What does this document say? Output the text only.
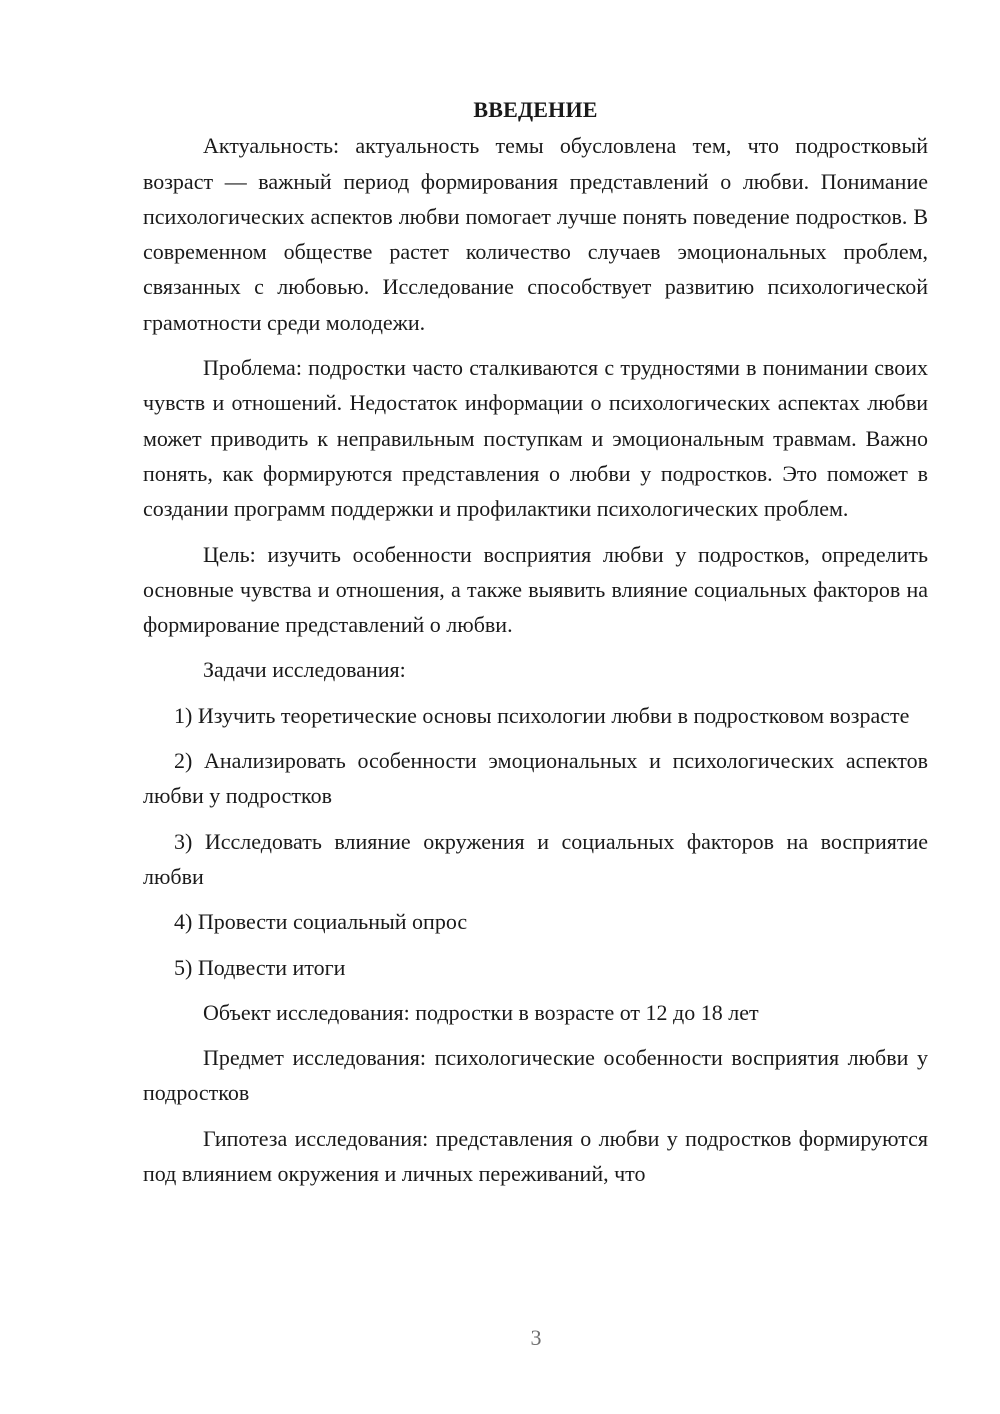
ВВЕДЕНИЕ

Актуальность: актуальность темы обусловлена тем, что подростковый возраст — важный период формирования представлений о любви. Понимание психологических аспектов любви помогает лучше понять поведение подростков. В современном обществе растет количество случаев эмоциональных проблем, связанных с любовью. Исследование способствует развитию психологической грамотности среди молодежи.

Проблема: подростки часто сталкиваются с трудностями в понимании своих чувств и отношений. Недостаток информации о психологических аспектах любви может приводить к неправильным поступкам и эмоциональным травмам. Важно понять, как формируются представления о любви у подростков. Это поможет в создании программ поддержки и профилактики психологических проблем.

Цель: изучить особенности восприятия любви у подростков, определить основные чувства и отношения, а также выявить влияние социальных факторов на формирование представлений о любви.

Задачи исследования:

1) Изучить теоретические основы психологии любви в подростковом возрасте

2) Анализировать особенности эмоциональных и психологических аспектов любви у подростков

3) Исследовать влияние окружения и социальных факторов на восприятие любви

4) Провести социальный опрос

5) Подвести итоги

Объект исследования: подростки в возрасте от 12 до 18 лет

Предмет исследования: психологические особенности восприятия любви у подростков

Гипотеза исследования: представления о любви у подростков формируются под влиянием окружения и личных переживаний, что

3
